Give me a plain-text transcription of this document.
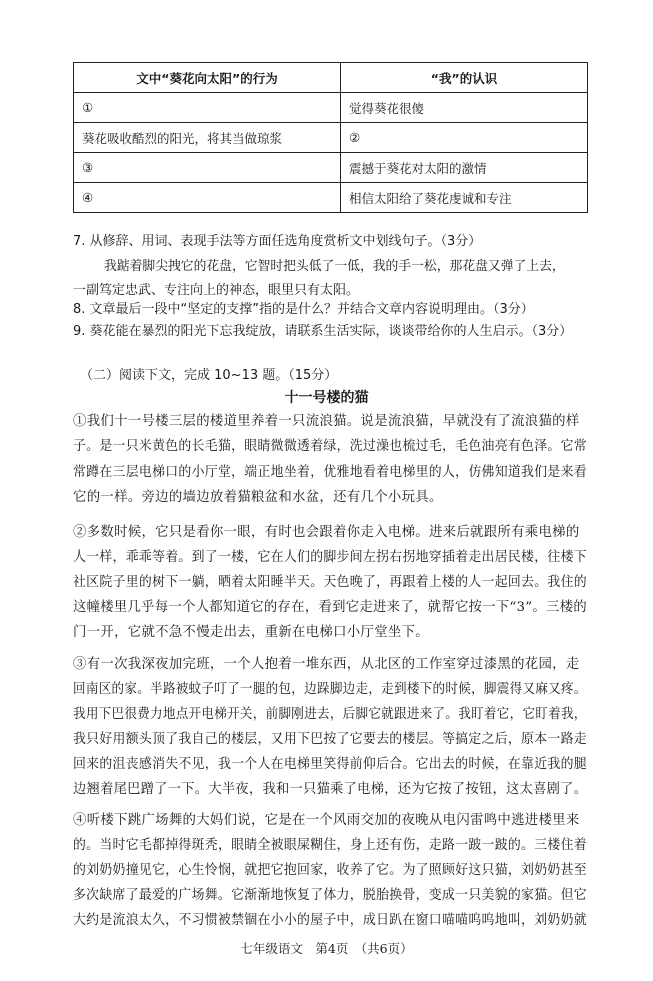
文中“葵花向太阳”的行为	“我”的认识
①	觉得葵花很傻
葵花吸收酷烈的阳光，将其当做琼浆	②
③	震撼于葵花对太阳的激情
④	相信太阳给了葵花虔诚和专注
7. 从修辞、用词、表现手法等方面任选角度赏析文中划线句子。（3分）
我踮着脚尖拽它的花盘，它智时把头低了一低，我的手一松，那花盘又弹了上去，
一副笃定忠武、专注向上的神态，眼里只有太阳。
8. 文章最后一段中“坚定的支撑”指的是什么？并结合文章内容说明理由。（3分）
9. 葵花能在暴烈的阳光下忘我绽放，请联系生活实际，谈谈带给你的人生启示。（3分）
（二）阅读下文，完成 10~13 题。（15分）
十一号楼的猫
①我们十一号楼三层的楼道里养着一只流浪猫。说是流浪猫，早就没有了流浪猫的样
子。是一只米黄色的长毛猫，眼睛微微透着绿，洗过澡也梳过毛，毛色油亮有色泽。它常
常蹲在三层电梯口的小厅堂，端正地坐着，优雅地看着电梯里的人，仿佛知道我们是来看
它的一样。旁边的墙边放着猫粮盆和水盆，还有几个小玩具。
②多数时候，它只是看你一眼，有时也会跟着你走入电梯。进来后就跟所有乘电梯的
人一样，乖乖等着。到了一楼，它在人们的脚步间左拐右拐地穿插着走出居民楼，往楼下
社区院子里的树下一躺，晒着太阳睡半天。天色晚了，再跟着上楼的人一起回去。我住的
这幢楼里几乎每一个人都知道它的存在，看到它走进来了，就帮它按一下“3”。三楼的
门一开，它就不急不慢走出去，重新在电梯口小厅堂坐下。
③有一次我深夜加完班，一个人抱着一堆东西，从北区的工作室穿过漆黑的花园，走
回南区的家。半路被蚊子叮了一腿的包，边跺脚边走，走到楼下的时候，脚震得又麻又疼。
我用下巴很费力地点开电梯开关，前脚刚进去，后脚它就跟进来了。我盯着它，它盯着我，
我只好用额头顶了我自己的楼层，又用下巴按了它要去的楼层。等搞定之后，原本一路走
回来的沮丧感消失不见，我一个人在电梯里笑得前仰后合。它出去的时候，在靠近我的腿
边翘着尾巴蹭了一下。大半夜，我和一只猫乘了电梯，还为它按了按钮，这太喜剧了。
④听楼下跳广场舞的大妈们说，它是在一个风雨交加的夜晚从电闪雷鸣中逃进楼里来
的。当时它毛都掉得斑秃，眼睛全被眼屎糊住，身上还有伤，走路一跛一跛的。三楼住着
的刘奶奶撞见它，心生怜悯，就把它抱回家，收养了它。为了照顾好这只猫，刘奶奶甚至
多次缺席了最爱的广场舞。它渐渐地恢复了体力，脱胎换骨，变成一只美貌的家猫。但它
大约是流浪太久，不习惯被禁锢在小小的屋子中，成日趴在窗口喵喵呜呜地叫，刘奶奶就
七年级语文　第4页　（共6页）
